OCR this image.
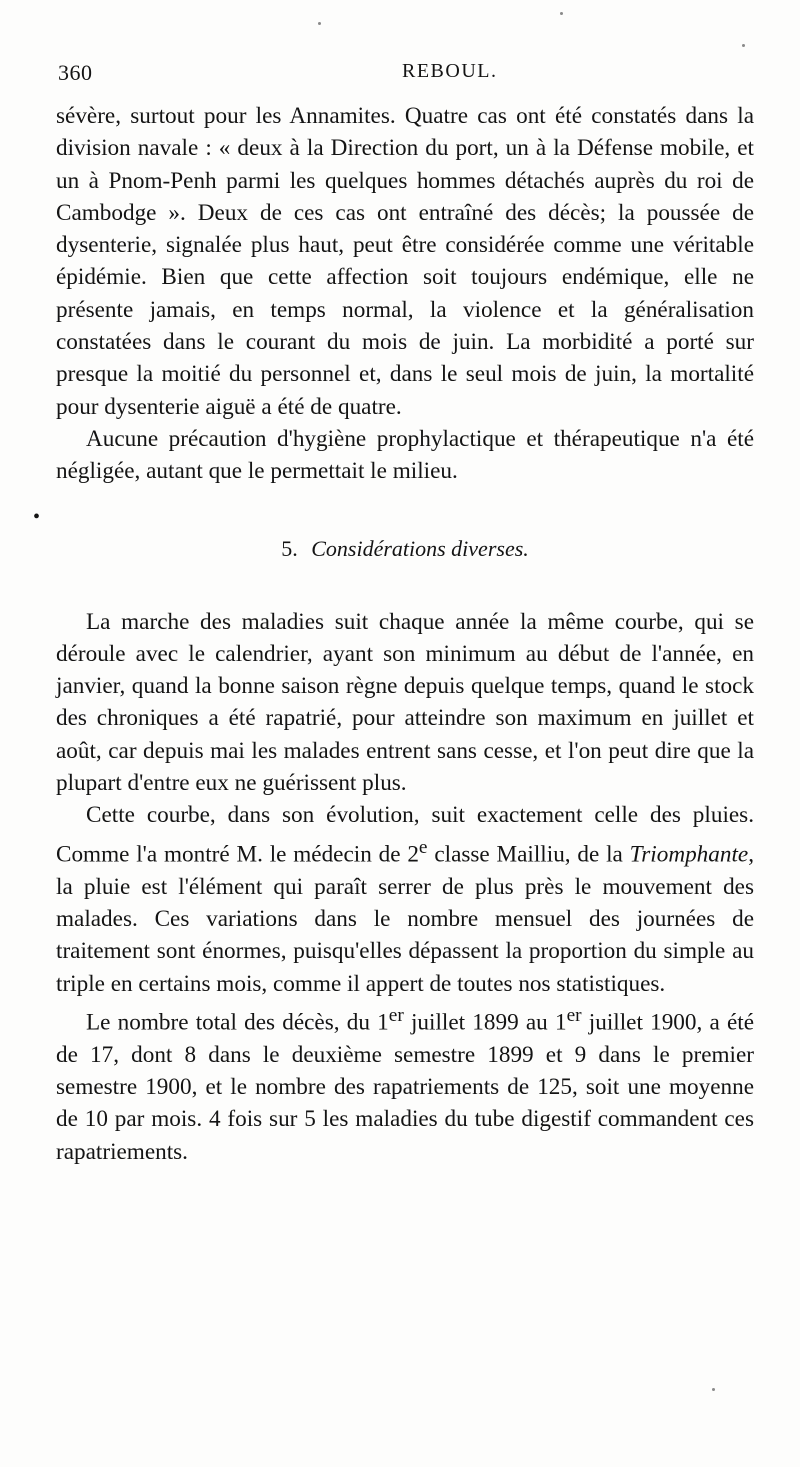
360	REBOUL.
•

sévère, surtout pour les Annamites. Quatre cas ont été constatés dans la division navale : « deux à la Direction du port, un à la Défense mobile, et un à Pnom-Penh parmi les quelques hommes détachés auprès du roi de Cambodge ». Deux de ces cas ont entraîné des décès; la poussée de dysenterie, signalée plus haut, peut être considérée comme une véritable épidémie. Bien que cette affection soit toujours endémique, elle ne présente jamais, en temps normal, la violence et la généralisation constatées dans le courant du mois de juin. La morbidité a porté sur presque la moitié du personnel et, dans le seul mois de juin, la mortalité pour dysenterie aiguë a été de quatre.

Aucune précaution d'hygiène prophylactique et thérapeutique n'a été négligée, autant que le permettait le milieu.

5. Considérations diverses.

La marche des maladies suit chaque année la même courbe, qui se déroule avec le calendrier, ayant son minimum au début de l'année, en janvier, quand la bonne saison règne depuis quelque temps, quand le stock des chroniques a été rapatrié, pour atteindre son maximum en juillet et août, car depuis mai les malades entrent sans cesse, et l'on peut dire que la plupart d'entre eux ne guérissent plus.

Cette courbe, dans son évolution, suit exactement celle des pluies. Comme l'a montré M. le médecin de 2e classe Mailliu, de la Triomphante, la pluie est l'élément qui paraît serrer de plus près le mouvement des malades. Ces variations dans le nombre mensuel des journées de traitement sont énormes, puisqu'elles dépassent la proportion du simple au triple en certains mois, comme il appert de toutes nos statistiques.

Le nombre total des décès, du 1er juillet 1899 au 1er juillet 1900, a été de 17, dont 8 dans le deuxième semestre 1899 et 9 dans le premier semestre 1900, et le nombre des rapatriements de 125, soit une moyenne de 10 par mois. 4 fois sur 5 les maladies du tube digestif commandent ces rapatriements.
